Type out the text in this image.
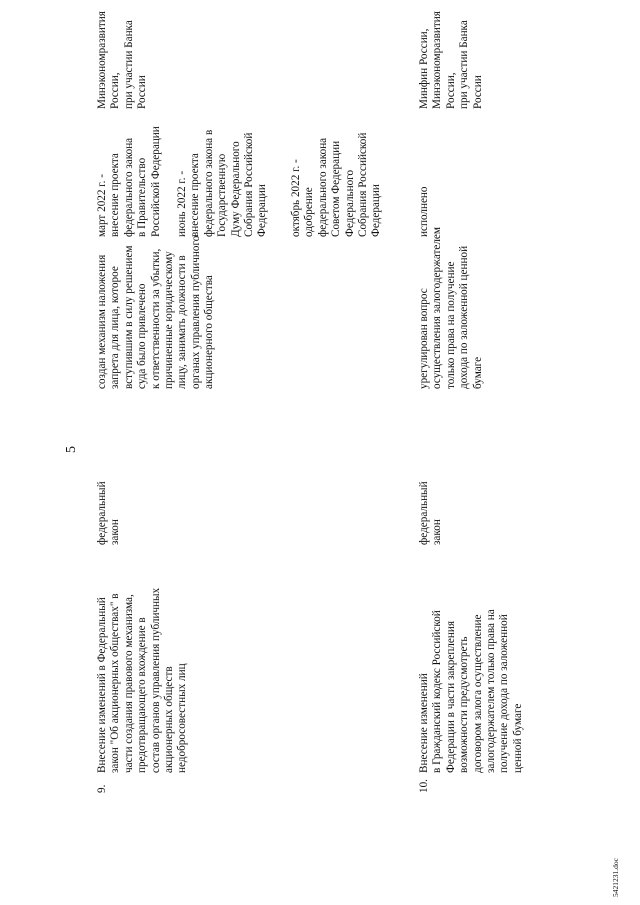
5
9.
Внесение изменений в Федеральный
закон "Об акционерных обществах" в
части создания правового механизма,
предотвращающего вхождение в
состав органов управления публичных
акционерных обществ
недобросовестных лиц
федеральный
закон
создан механизм наложения
запрета для лица, которое
вступившим в силу решением
суда было привлечено
к ответственности за убытки,
причиненные юридическому
лицу, занимать должности в
органах управления публичного
акционерного общества
март 2022 г. -
внесение проекта
федерального закона
в Правительство
Российской Федерации
июнь 2022 г. -
внесение проекта
федерального закона в
Государственную
Думу Федерального
Собрания Российской
Федерации октябрь 2022 г. -
одобрение
федерального закона
Советом Федерации
Федерального
Собрания Российской
Федерации
Минэкономразвития
России,
при участии Банка
России
10.
Внесение изменений
в Гражданский кодекс Российской
Федерации в части закрепления
возможности предусмотреть
договором залога осуществление
залогодержателем только права на
получение дохода по заложенной
ценной бумаге
федеральный
закон
урегулирован вопрос
осуществления залогодержателем
только права на получение
дохода по заложенной ценной
бумаге
исполнено
Минфин России,
Минэкономразвития
России,
при участии Банка
России
5421231.doc
